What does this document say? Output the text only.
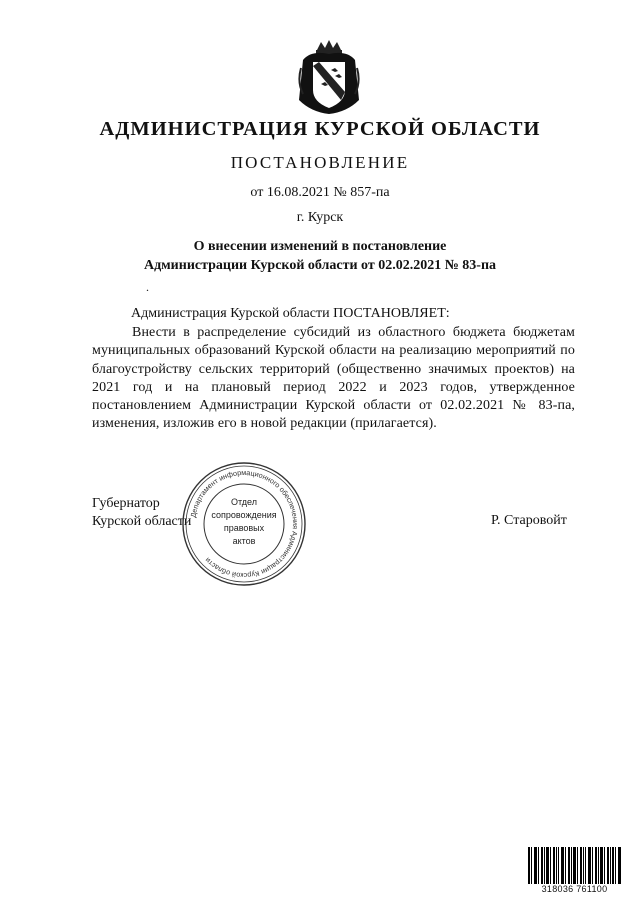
АДМИНИСТРАЦИЯ КУРСКОЙ ОБЛАСТИ
ПОСТАНОВЛЕНИЕ
от 16.08.2021 № 857-па
г. Курск
О внесении изменений в постановление
Администрации Курской области от 02.02.2021 № 83-па
.
Администрация Курской области ПОСТАНОВЛЯЕТ:
Внести в распределение субсидий из областного бюджета бюджетам муниципальных образований Курской области на реализацию мероприятий по благоустройству сельских территорий (общественно значимых проектов) на 2021 год и на плановый период 2022 и 2023 годов, утвержденное постановлением Администрации Курской области от 02.02.2021 № 83-па, изменения, изложив его в новой редакции (прилагается).
Губернатор
Курской области	Р. Старовойт
Департамент информационного обеспечения Администрации Курской области
Отдел
сопровождения
правовых
актов
318036 761100
